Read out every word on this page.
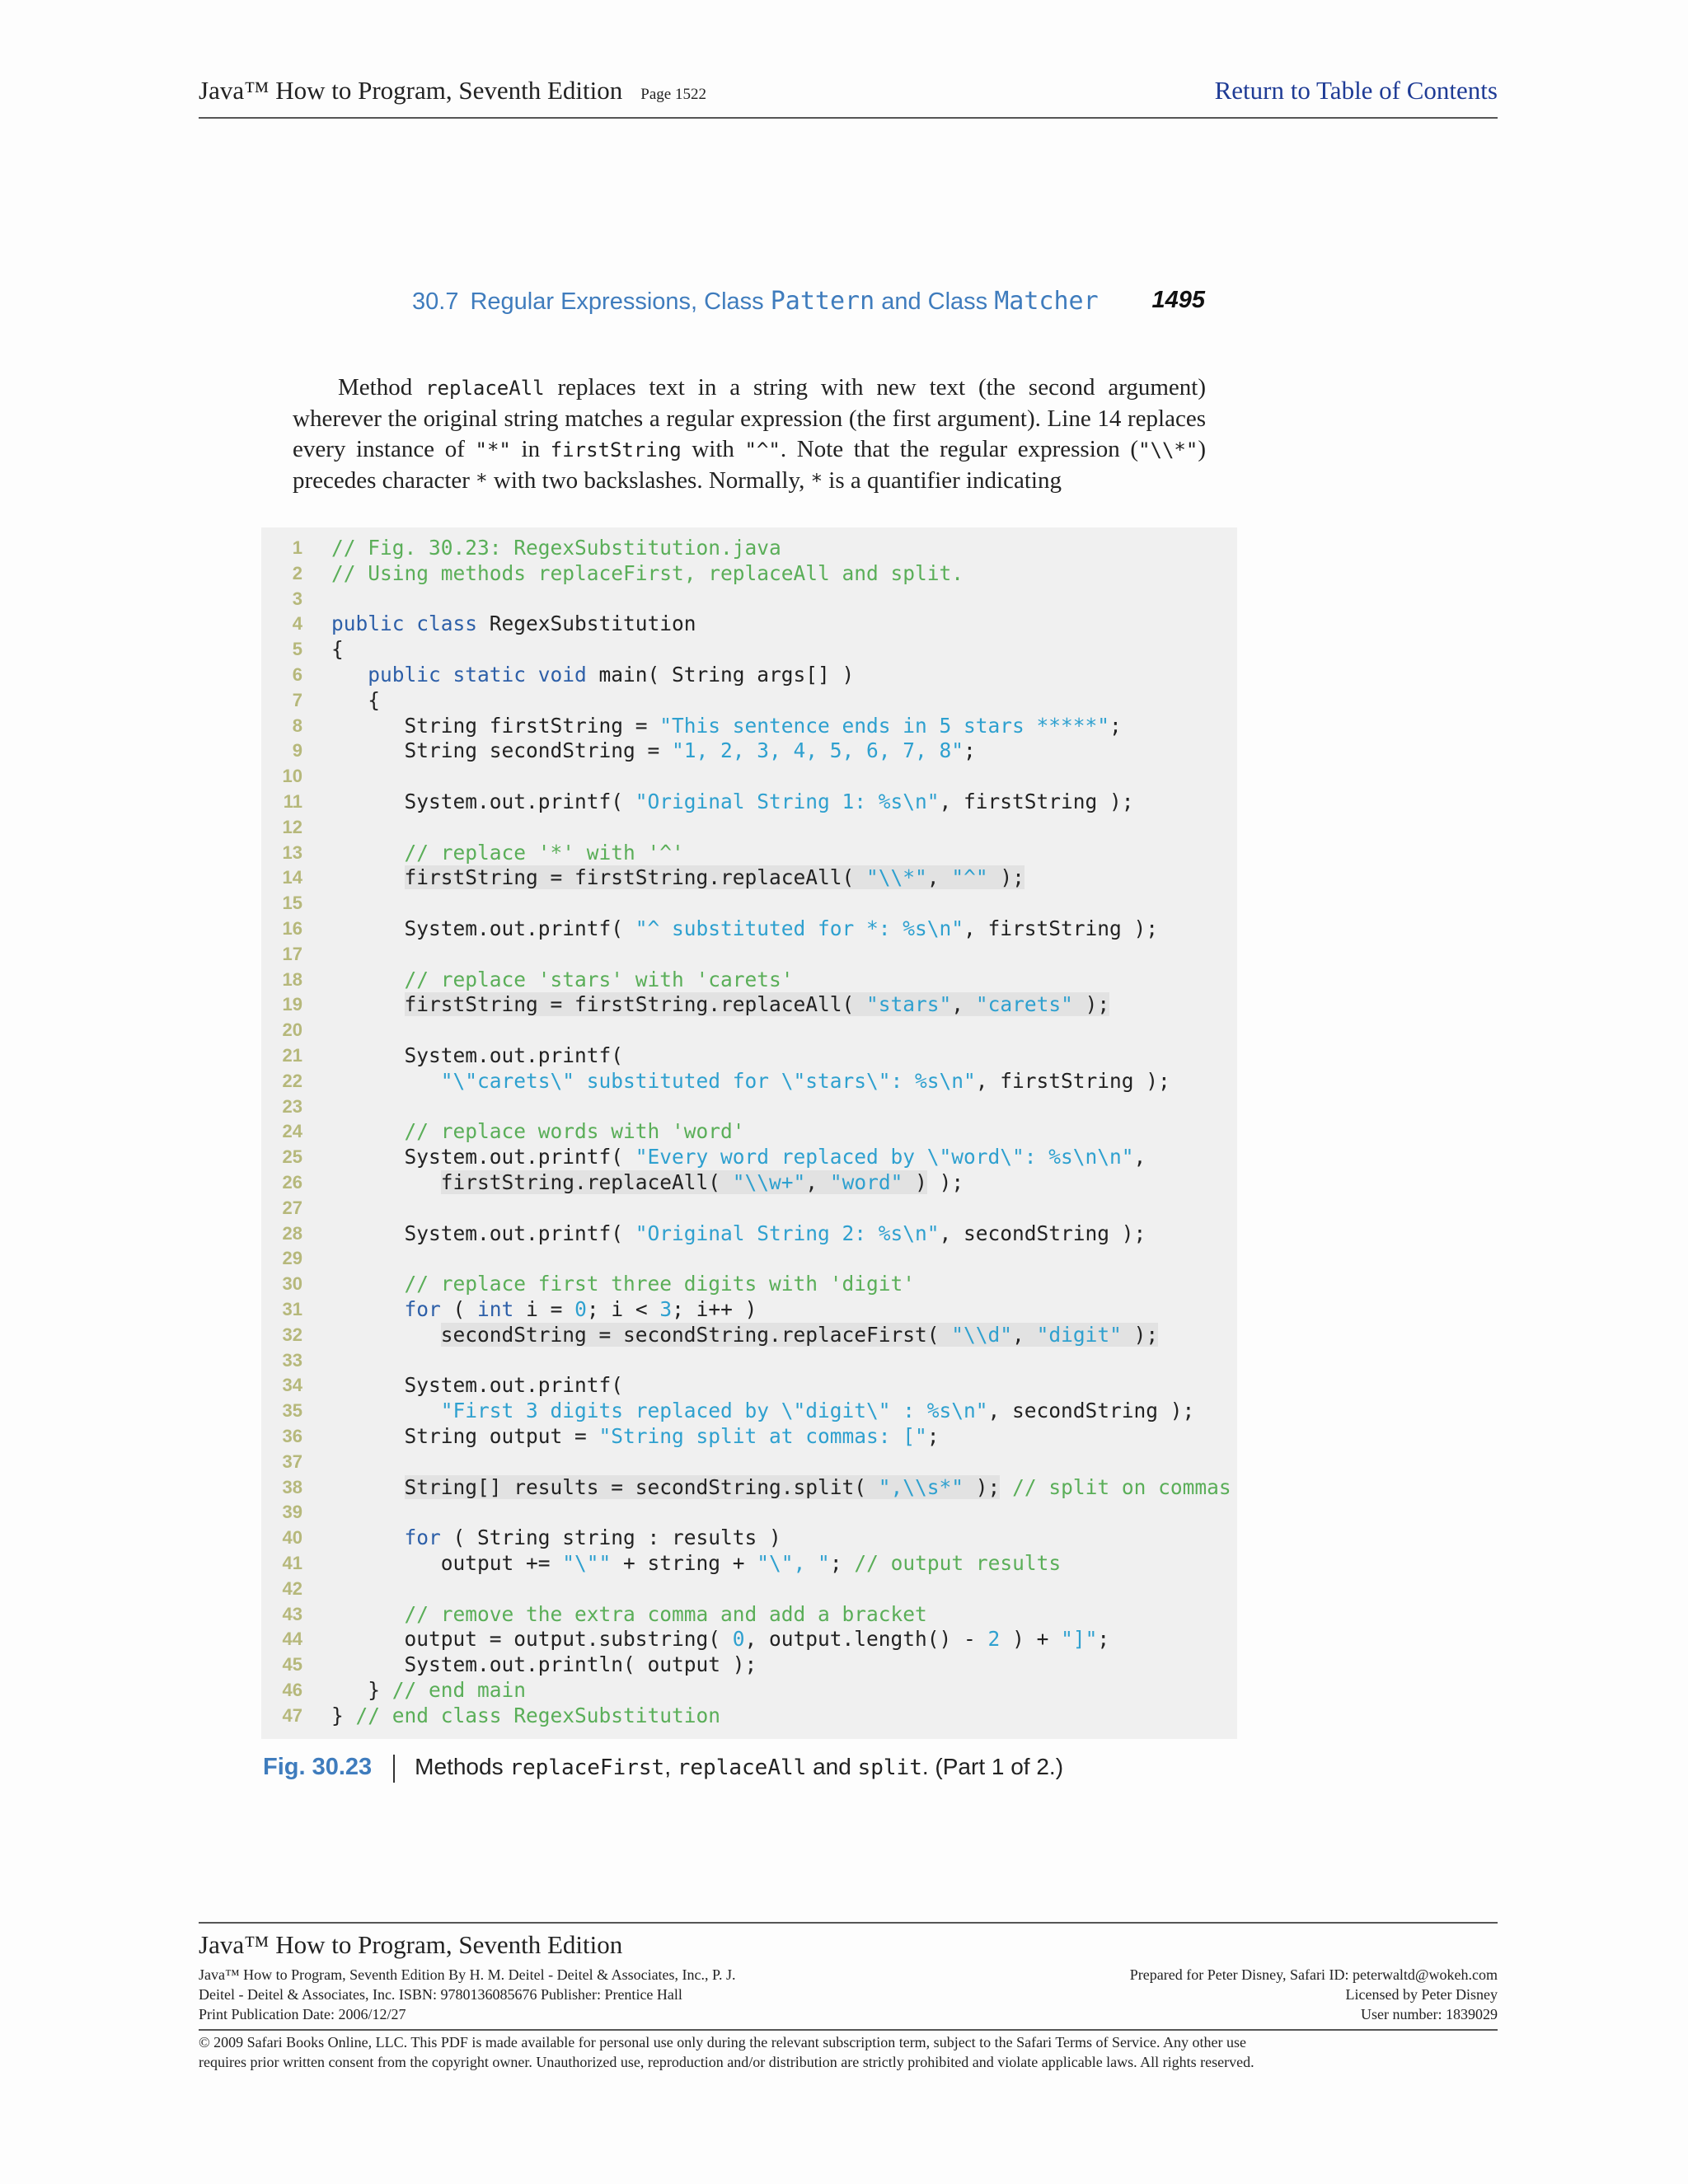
Java™ How to Program, Seventh Edition Page 1522	Return to Table of Contents
30.7 Regular Expressions, Class Pattern and Class Matcher 1495
Method replaceAll replaces text in a string with new text (the second argument) wherever the original string matches a regular expression (the first argument). Line 14 replaces every instance of "*" in firstString with "^". Note that the regular expression ("\\*") precedes character * with two backslashes. Normally, * is a quantifier indicating
1 // Fig. 30.23: RegexSubstitution.java
2 // Using methods replaceFirst, replaceAll and split.
3
4 public class RegexSubstitution
5 {
6	public static void main( String args[] )
7 {
8 String firstString = "This sentence ends in 5 stars *****";
9 String secondString = "1, 2, 3, 4, 5, 6, 7, 8";
10
11 System.out.printf( "Original String 1: %s\n", firstString );
12
13	// replace '*' with '^'
14	firstString = firstString.replaceAll( "\\*", "^" );
15
16 System.out.printf( "^ substituted for *: %s\n", firstString );
17
18	// replace 'stars' with 'carets'
19	firstString = firstString.replaceAll( "stars", "carets" );
20
21 System.out.printf(
22	"\"carets\" substituted for \"stars\": %s\n", firstString );
23
24	// replace words with 'word'
25 System.out.printf( "Every word replaced by \"word\": %s\n\n",
26	firstString.replaceAll( "\\w+", "word" ) );
27
28 System.out.printf( "Original String 2: %s\n", secondString );
29
30	// replace first three digits with 'digit'
31	for ( int i = 0; i < 3; i++ )
32	secondString = secondString.replaceFirst( "\\d", "digit" );
33
34 System.out.printf(
35	"First 3 digits replaced by \"digit\" : %s\n", secondString );
36 String output = "String split at commas: [";
37
38	String[] results = secondString.split( ",\\s*" ); // split on commas
39
40	for ( String string : results )
41 output += "\"" + string + "\", "; // output results
42
43	// remove the extra comma and add a bracket
44 output = output.substring( 0, output.length() - 2 ) + "]";
45 System.out.println( output );
46 } // end main
47 } // end class RegexSubstitution
Fig. 30.23 Methods replaceFirst, replaceAll and split. (Part 1 of 2.)
Java™ How to Program, Seventh Edition
Java™ How to Program, Seventh Edition By H. M. Deitel - Deitel & Associates, Inc., P. J.
Deitel - Deitel & Associates, Inc. ISBN: 9780136085676 Publisher: Prentice Hall
Print Publication Date: 2006/12/27
Prepared for Peter Disney, Safari ID: peterwaltd@wokeh.com
Licensed by Peter Disney
User number: 1839029
© 2009 Safari Books Online, LLC. This PDF is made available for personal use only during the relevant subscription term, subject to the Safari Terms of Service. Any other use
requires prior written consent from the copyright owner. Unauthorized use, reproduction and/or distribution are strictly prohibited and violate applicable laws. All rights reserved.
